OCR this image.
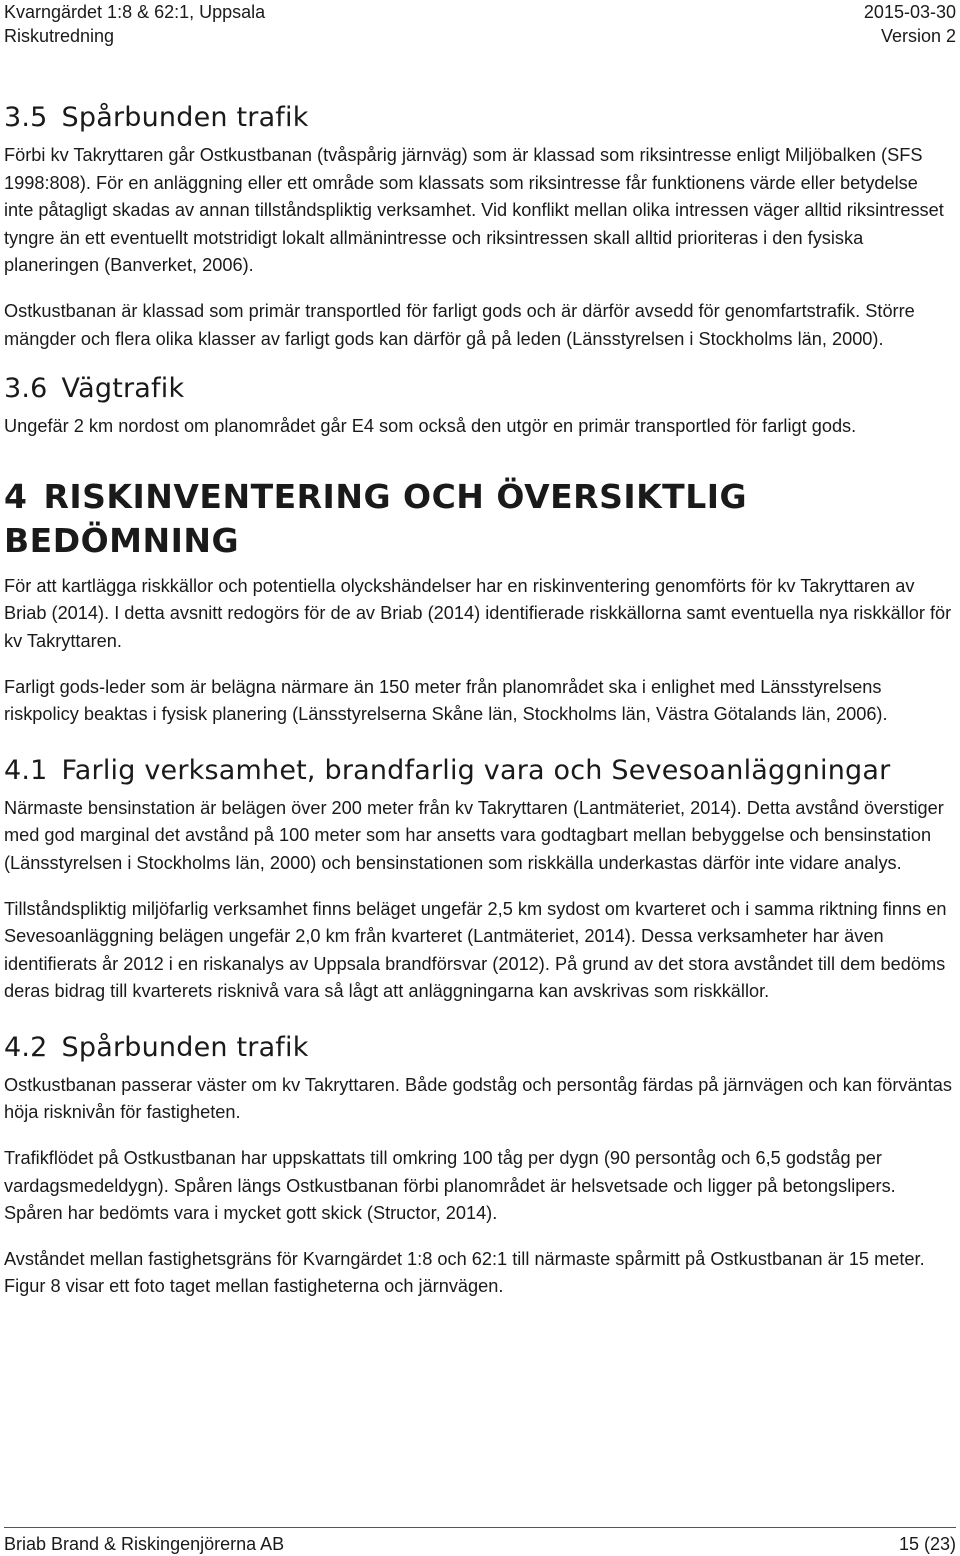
Kvarngärdet 1:8 & 62:1, Uppsala	2015-03-30
Riskutredning	Version 2
3.5 Spårbunden trafik

Förbi kv Takryttaren går Ostkustbanan (tvåspårig järnväg) som är klassad som riksintresse enligt Miljöbalken (SFS 1998:808). För en anläggning eller ett område som klassats som riksintresse får funktionens värde eller betydelse inte påtagligt skadas av annan tillståndspliktig verksamhet. Vid konflikt mellan olika intressen väger alltid riksintresset tyngre än ett eventuellt motstridigt lokalt allmänintresse och riksintressen skall alltid prioriteras i den fysiska planeringen (Banverket, 2006).

Ostkustbanan är klassad som primär transportled för farligt gods och är därför avsedd för genomfartstrafik. Större mängder och flera olika klasser av farligt gods kan därför gå på leden (Länsstyrelsen i Stockholms län, 2000).

3.6 Vägtrafik

Ungefär 2 km nordost om planområdet går E4 som också den utgör en primär transportled för farligt gods.

4 RISKINVENTERING OCH ÖVERSIKTLIG BEDÖMNING

För att kartlägga riskkällor och potentiella olyckshändelser har en riskinventering genomförts för kv Takryttaren av Briab (2014). I detta avsnitt redogörs för de av Briab (2014) identifierade riskkällorna samt eventuella nya riskkällor för kv Takryttaren.

Farligt gods-leder som är belägna närmare än 150 meter från planområdet ska i enlighet med Länsstyrelsens riskpolicy beaktas i fysisk planering (Länsstyrelserna Skåne län, Stockholms län, Västra Götalands län, 2006).

4.1 Farlig verksamhet, brandfarlig vara och Sevesoanläggningar

Närmaste bensinstation är belägen över 200 meter från kv Takryttaren (Lantmäteriet, 2014). Detta avstånd överstiger med god marginal det avstånd på 100 meter som har ansetts vara godtagbart mellan bebyggelse och bensinstation (Länsstyrelsen i Stockholms län, 2000) och bensinstationen som riskkälla underkastas därför inte vidare analys.

Tillståndspliktig miljöfarlig verksamhet finns beläget ungefär 2,5 km sydost om kvarteret och i samma riktning finns en Sevesoanläggning belägen ungefär 2,0 km från kvarteret (Lantmäteriet, 2014). Dessa verksamheter har även identifierats år 2012 i en riskanalys av Uppsala brandförsvar (2012). På grund av det stora avståndet till dem bedöms deras bidrag till kvarterets risknivå vara så lågt att anläggningarna kan avskrivas som riskkällor.

4.2 Spårbunden trafik

Ostkustbanan passerar väster om kv Takryttaren. Både godståg och persontåg färdas på järnvägen och kan förväntas höja risknivån för fastigheten.

Trafikflödet på Ostkustbanan har uppskattats till omkring 100 tåg per dygn (90 persontåg och 6,5 godståg per vardagsmedeldygn). Spåren längs Ostkustbanan förbi planområdet är helsvetsade och ligger på betongslipers. Spåren har bedömts vara i mycket gott skick (Structor, 2014).

Avståndet mellan fastighetsgräns för Kvarngärdet 1:8 och 62:1 till närmaste spårmitt på Ostkustbanan är 15 meter. Figur 8 visar ett foto taget mellan fastigheterna och järnvägen.

Briab Brand & Riskingenjörerna AB	15 (23)
